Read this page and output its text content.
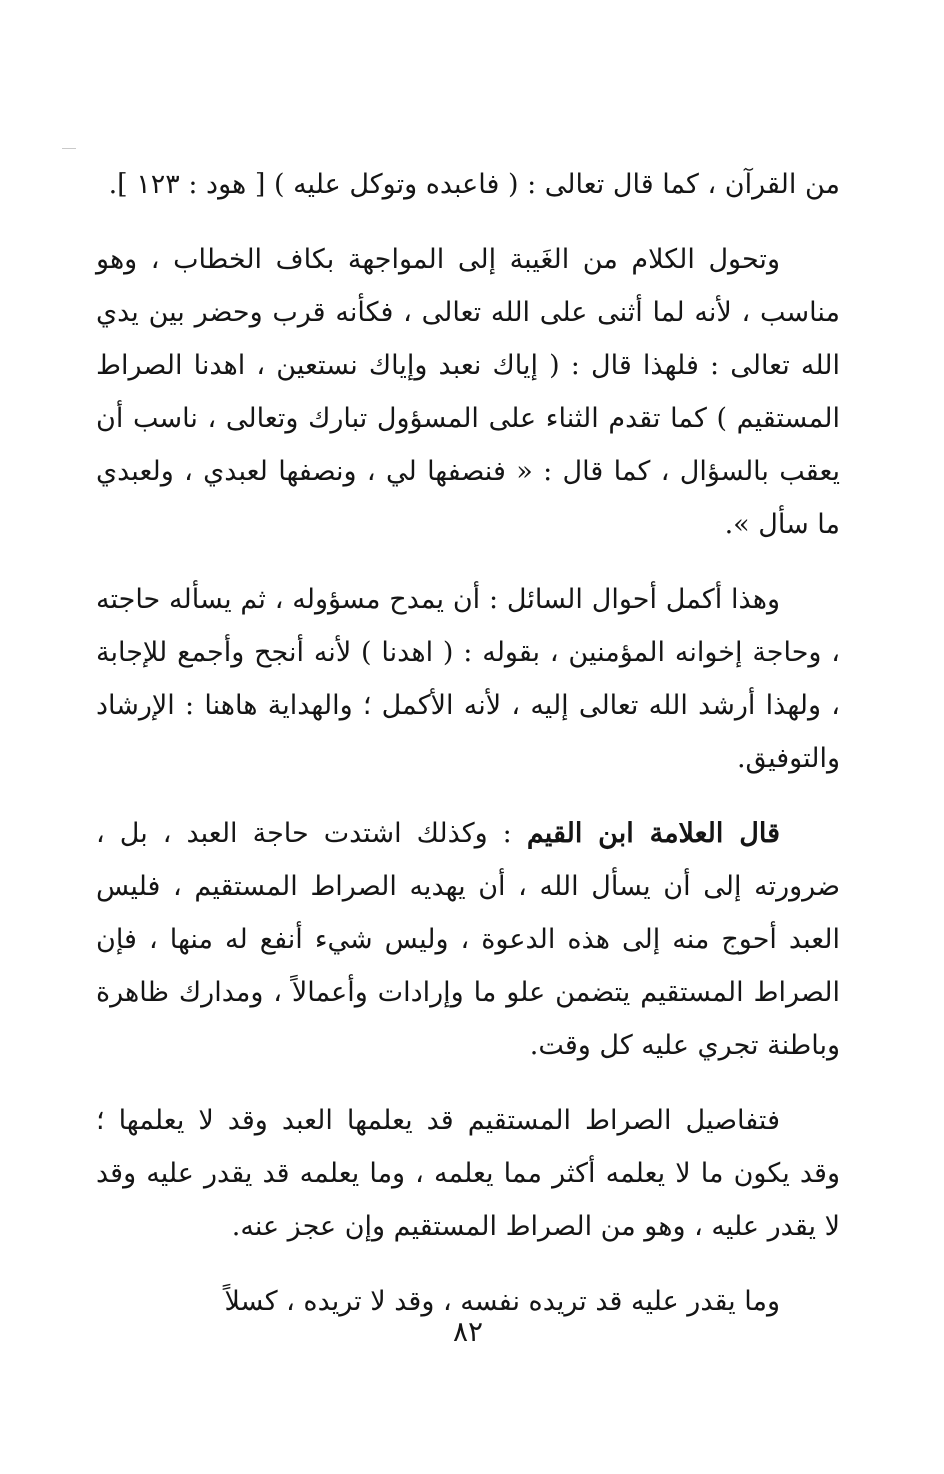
من القرآن ، كما قال تعالى : ( فاعبده وتوكل عليه ) [ هود : ١٢٣ ].

وتحول الكلام من الغَيبة إلى المواجهة بكاف الخطاب ، وهو مناسب ، لأنه لما أثنى على الله تعالى ، فكأنه قرب وحضر بين يدي الله تعالى : فلهذا قال : ( إياك نعبد وإياك نستعين ، اهدنا الصراط المستقيم ) كما تقدم الثناء على المسؤول تبارك وتعالى ، ناسب أن يعقب بالسؤال ، كما قال : « فنصفها لي ، ونصفها لعبدي ، ولعبدي ما سأل ».

وهذا أكمل أحوال السائل : أن يمدح مسؤوله ، ثم يسأله حاجته ، وحاجة إخوانه المؤمنين ، بقوله : ( اهدنا ) لأنه أنجح وأجمع للإجابة ، ولهذا أرشد الله تعالى إليه ، لأنه الأكمل ؛ والهداية هاهنا : الإرشاد والتوفيق.

قال العلامة ابن القيم : وكذلك اشتدت حاجة العبد ، بل ، ضرورته إلى أن يسأل الله ، أن يهديه الصراط المستقيم ، فليس العبد أحوج منه إلى هذه الدعوة ، وليس شيء أنفع له منها ، فإن الصراط المستقيم يتضمن علو ما وإرادات وأعمالاً ، ومدارك ظاهرة وباطنة تجري عليه كل وقت.

فتفاصيل الصراط المستقيم قد يعلمها العبد وقد لا يعلمها ؛ وقد يكون ما لا يعلمه أكثر مما يعلمه ، وما يعلمه قد يقدر عليه وقد لا يقدر عليه ، وهو من الصراط المستقيم وإن عجز عنه.

وما يقدر عليه قد تريده نفسه ، وقد لا تريده ، كسلاً

٨٢
